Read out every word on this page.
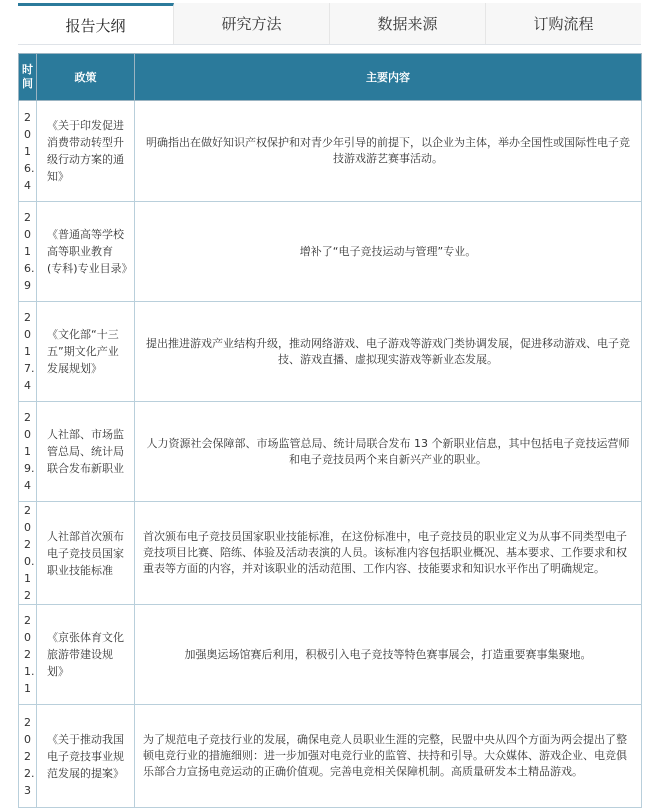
报告大纲	研究方法	数据来源	订购流程
时间	政策	主要内容
2016.4	《关于印发促进消费带动转型升级行动方案的通知》	明确指出在做好知识产权保护和对青少年引导的前提下，以企业为主体，举办全国性或国际性电子竞技游戏游艺赛事活动。
2016.9	《普通高等学校高等职业教育(专科)专业目录》	增补了“电子竞技运动与管理”专业。
2017.4	《文化部“十三五”期文化产业发展规划》	提出推进游戏产业结构升级，推动网络游戏、电子游戏等游戏门类协调发展，促进移动游戏、电子竞技、游戏直播、虚拟现实游戏等新业态发展。
2019.4	人社部、市场监管总局、统计局联合发布新职业	人力资源社会保障部、市场监管总局、统计局联合发布 13 个新职业信息，其中包括电子竞技运营师和电子竞技员两个来自新兴产业的职业。
2020.12	人社部首次颁布电子竞技员国家职业技能标准	首次颁布电子竞技员国家职业技能标准，在这份标准中，电子竞技员的职业定义为从事不同类型电子竞技项目比赛、陪练、体验及活动表演的人员。该标准内容包括职业概况、基本要求、工作要求和权重表等方面的内容，并对该职业的活动范围、工作内容、技能要求和知识水平作出了明确规定。
2021.1	《京张体育文化旅游带建设规划》	加强奥运场馆赛后利用，积极引入电子竞技等特色赛事展会，打造重要赛事集聚地。
2022.3	《关于推动我国电子竞技事业规范发展的提案》	为了规范电子竞技行业的发展，确保电竞人员职业生涯的完整，民盟中央从四个方面为两会提出了整顿电竞行业的措施细则：进一步加强对电竞行业的监管、扶持和引导。大众媒体、游戏企业、电竞俱乐部合力宣扬电竞运动的正确价值观。完善电竞相关保障机制。高质量研发本土精品游戏。
